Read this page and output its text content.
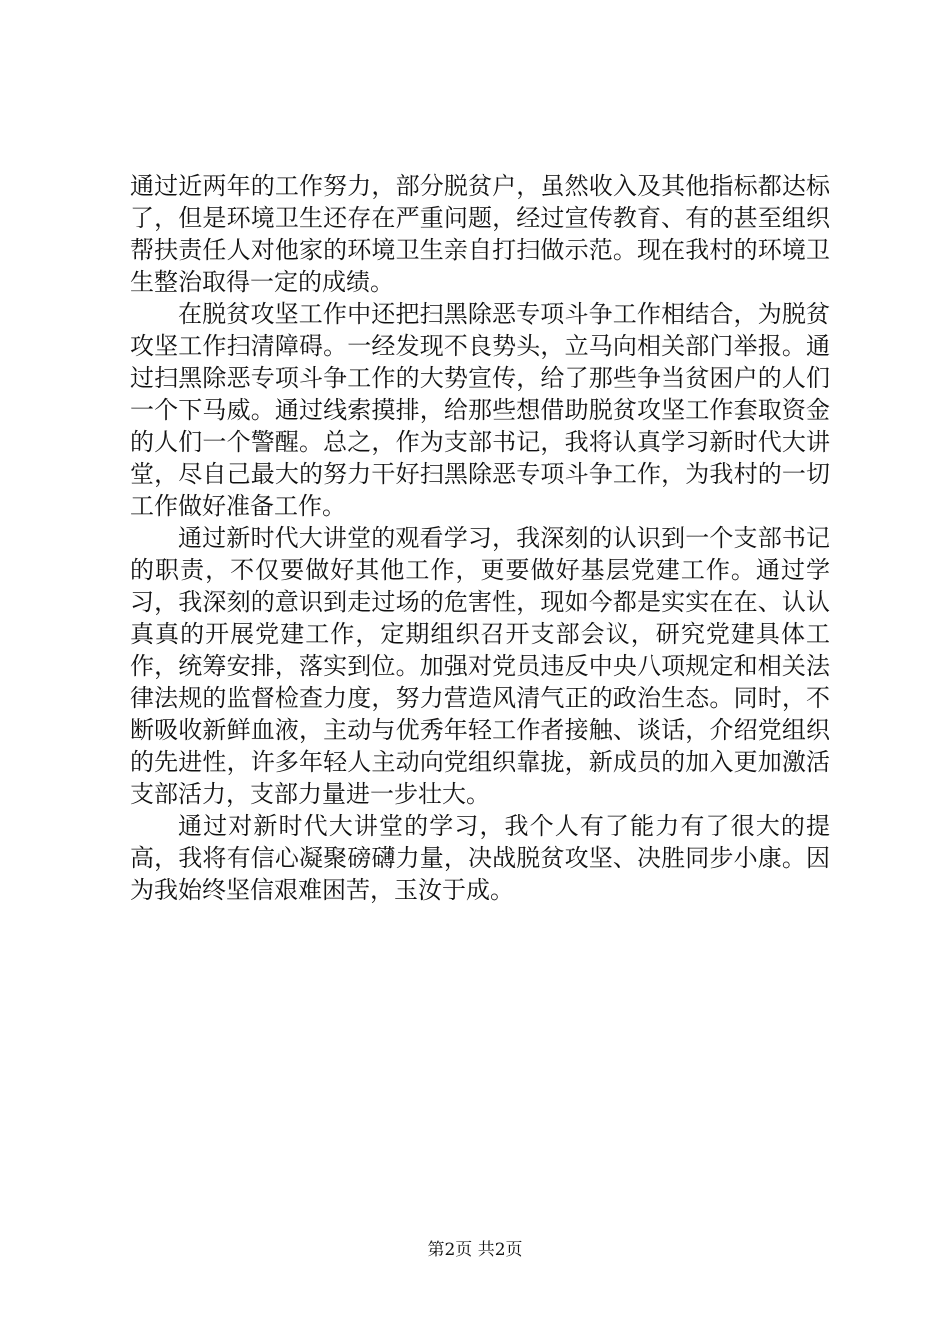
通过近两年的工作努力，部分脱贫户，虽然收入及其他指标都达标了，但是环境卫生还存在严重问题，经过宣传教育、有的甚至组织帮扶责任人对他家的环境卫生亲自打扫做示范。现在我村的环境卫生整治取得一定的成绩。

在脱贫攻坚工作中还把扫黑除恶专项斗争工作相结合，为脱贫攻坚工作扫清障碍。一经发现不良势头，立马向相关部门举报。通过扫黑除恶专项斗争工作的大势宣传，给了那些争当贫困户的人们一个下马威。通过线索摸排，给那些想借助脱贫攻坚工作套取资金的人们一个警醒。总之，作为支部书记，我将认真学习新时代大讲堂，尽自己最大的努力干好扫黑除恶专项斗争工作，为我村的一切工作做好准备工作。

通过新时代大讲堂的观看学习，我深刻的认识到一个支部书记的职责，不仅要做好其他工作，更要做好基层党建工作。通过学习，我深刻的意识到走过场的危害性，现如今都是实实在在、认认真真的开展党建工作，定期组织召开支部会议，研究党建具体工作，统筹安排，落实到位。加强对党员违反中央八项规定和相关法律法规的监督检查力度，努力营造风清气正的政治生态。同时，不断吸收新鲜血液，主动与优秀年轻工作者接触、谈话，介绍党组织的先进性，许多年轻人主动向党组织靠拢，新成员的加入更加激活支部活力，支部力量进一步壮大。

通过对新时代大讲堂的学习，我个人有了能力有了很大的提高，我将有信心凝聚磅礴力量，决战脱贫攻坚、决胜同步小康。因为我始终坚信艰难困苦，玉汝于成。

第2页 共2页
